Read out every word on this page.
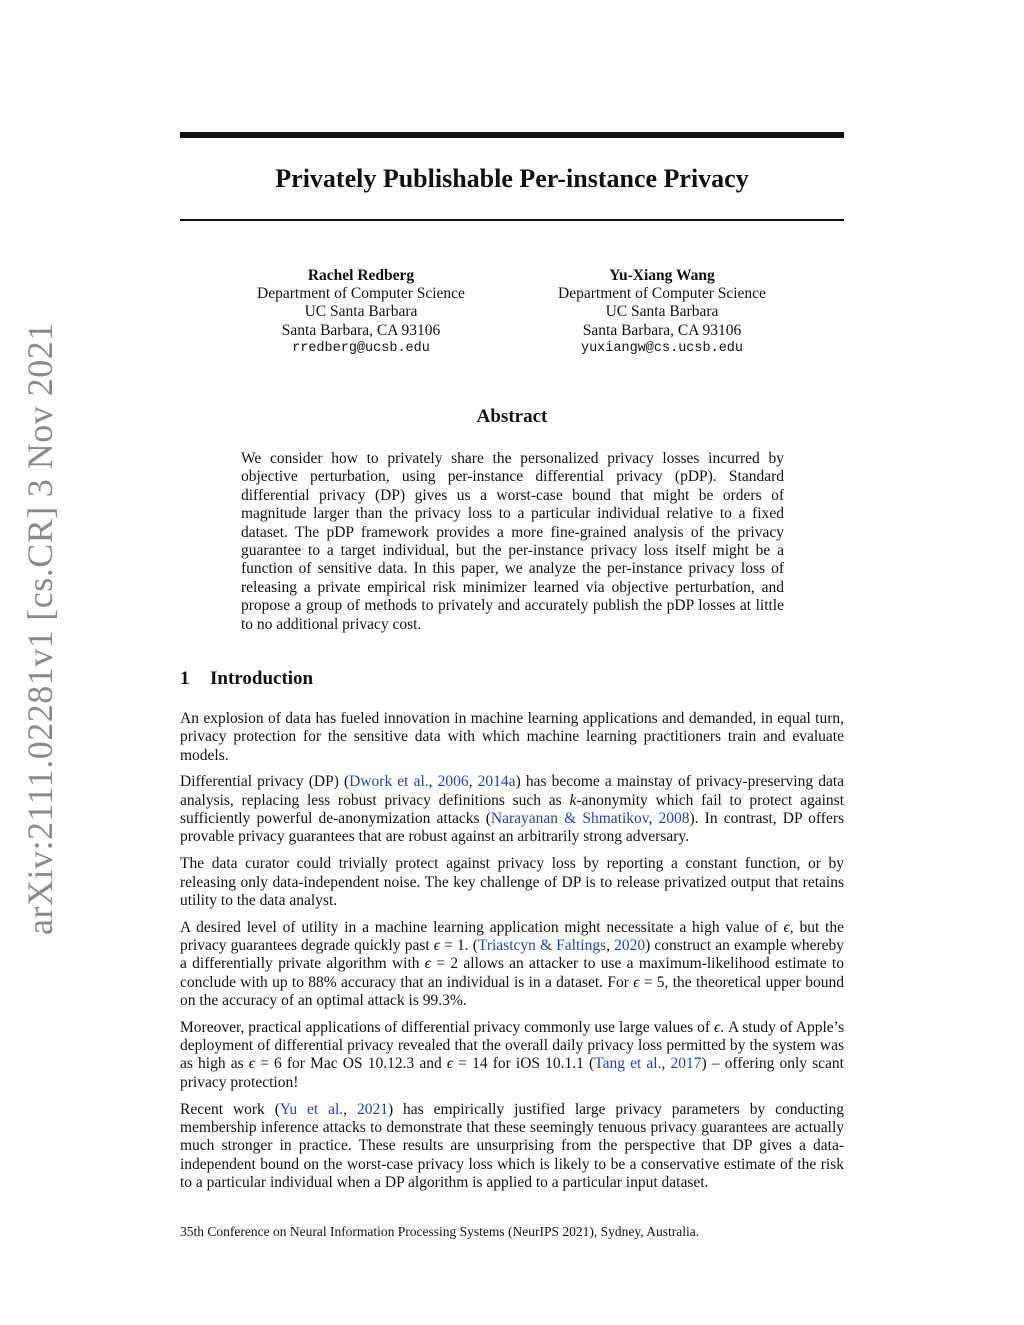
arXiv:2111.02281v1 [cs.CR] 3 Nov 2021
Privately Publishable Per-instance Privacy
Rachel Redberg
Department of Computer Science
UC Santa Barbara
Santa Barbara, CA 93106
rredberg@ucsb.edu
Yu-Xiang Wang
Department of Computer Science
UC Santa Barbara
Santa Barbara, CA 93106
yuxiangw@cs.ucsb.edu
Abstract

We consider how to privately share the personalized privacy losses incurred by objective perturbation, using per-instance differential privacy (pDP). Standard differential privacy (DP) gives us a worst-case bound that might be orders of magnitude larger than the privacy loss to a particular individual relative to a fixed dataset. The pDP framework provides a more fine-grained analysis of the privacy guarantee to a target individual, but the per-instance privacy loss itself might be a function of sensitive data. In this paper, we analyze the per-instance privacy loss of releasing a private empirical risk minimizer learned via objective perturbation, and propose a group of methods to privately and accurately publish the pDP losses at little to no additional privacy cost.

1 Introduction

An explosion of data has fueled innovation in machine learning applications and demanded, in equal turn, privacy protection for the sensitive data with which machine learning practitioners train and evaluate models.

Differential privacy (DP) (Dwork et al., 2006, 2014a) has become a mainstay of privacy-preserving data analysis, replacing less robust privacy definitions such as k-anonymity which fail to protect against sufficiently powerful de-anonymization attacks (Narayanan & Shmatikov, 2008). In contrast, DP offers provable privacy guarantees that are robust against an arbitrarily strong adversary.

The data curator could trivially protect against privacy loss by reporting a constant function, or by releasing only data-independent noise. The key challenge of DP is to release privatized output that retains utility to the data analyst.

A desired level of utility in a machine learning application might necessitate a high value of ϵ, but the privacy guarantees degrade quickly past ϵ = 1. (Triastcyn & Faltings, 2020) construct an example whereby a differentially private algorithm with ϵ = 2 allows an attacker to use a maximum-likelihood estimate to conclude with up to 88% accuracy that an individual is in a dataset. For ϵ = 5, the theoretical upper bound on the accuracy of an optimal attack is 99.3%.

Moreover, practical applications of differential privacy commonly use large values of ϵ. A study of Apple’s deployment of differential privacy revealed that the overall daily privacy loss permitted by the system was as high as ϵ = 6 for Mac OS 10.12.3 and ϵ = 14 for iOS 10.1.1 (Tang et al., 2017) – offering only scant privacy protection!

Recent work (Yu et al., 2021) has empirically justified large privacy parameters by conducting membership inference attacks to demonstrate that these seemingly tenuous privacy guarantees are actually much stronger in practice. These results are unsurprising from the perspective that DP gives a data-independent bound on the worst-case privacy loss which is likely to be a conservative estimate of the risk to a particular individual when a DP algorithm is applied to a particular input dataset.

35th Conference on Neural Information Processing Systems (NeurIPS 2021), Sydney, Australia.
